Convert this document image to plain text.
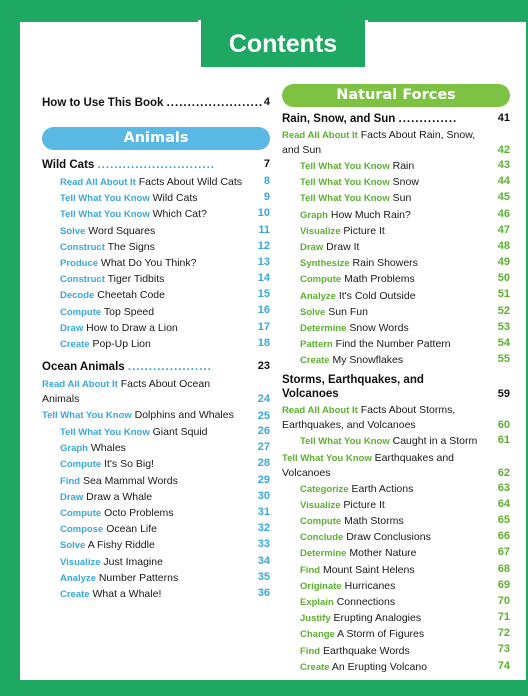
Contents
How to Use This Book ....................... 4
Animals
Wild Cats ............................	7
Read All About It Facts About Wild Cats 8
Tell What You Know Wild Cats	9
Tell What You Know Which Cat?	10
Solve Word Squares	11
Construct The Signs	12
Produce What Do You Think?	13
Construct Tiger Tidbits	14
Decode Cheetah Code	15
Compute Top Speed	16
Draw How to Draw a Lion	17
Create Pop-Up Lion	18
Ocean Animals ....................	23
Read All About It Facts About Ocean Animals	24
Tell What You Know Dolphins and Whales	25
Tell What You Know Giant Squid	26
Graph Whales	27
Compute It's So Big!	28
Find Sea Mammal Words	29
Draw Draw a Whale	30
Compute Octo Problems	31
Compose Ocean Life	32
Solve A Fishy Riddle	33
Visualize Just Imagine	34
Analyze Number Patterns	35
Create What a Whale!	36
Natural Forces
Rain, Snow, and Sun ..............	41
Read All About It Facts About Rain, Snow, and Sun	42
Tell What You Know Rain	43
Tell What You Know Snow	44
Tell What You Know Sun	45
Graph How Much Rain?	46
Visualize Picture It	47
Draw Draw It	48
Synthesize Rain Showers	49
Compute Math Problems	50
Analyze It's Cold Outside	51
Solve Sun Fun	52
Determine Snow Words	53
Pattern Find the Number Pattern	54
Create My Snowflakes	55
Storms, Earthquakes, and Volcanoes	59
Read All About It Facts About Storms, Earthquakes, and Volcanoes	60
Tell What You Know Caught in a Storm 61
Tell What You Know Earthquakes and Volcanoes	62
Categorize Earth Actions	63
Visualize Picture It	64
Compute Math Storms	65
Conclude Draw Conclusions	66
Determine Mother Nature	67
Find Mount Saint Helens	68
Originate Hurricanes	69
Explain Connections	70
Justify Erupting Analogies	71
Change A Storm of Figures	72
Find Earthquake Words	73
Create An Erupting Volcano	74
